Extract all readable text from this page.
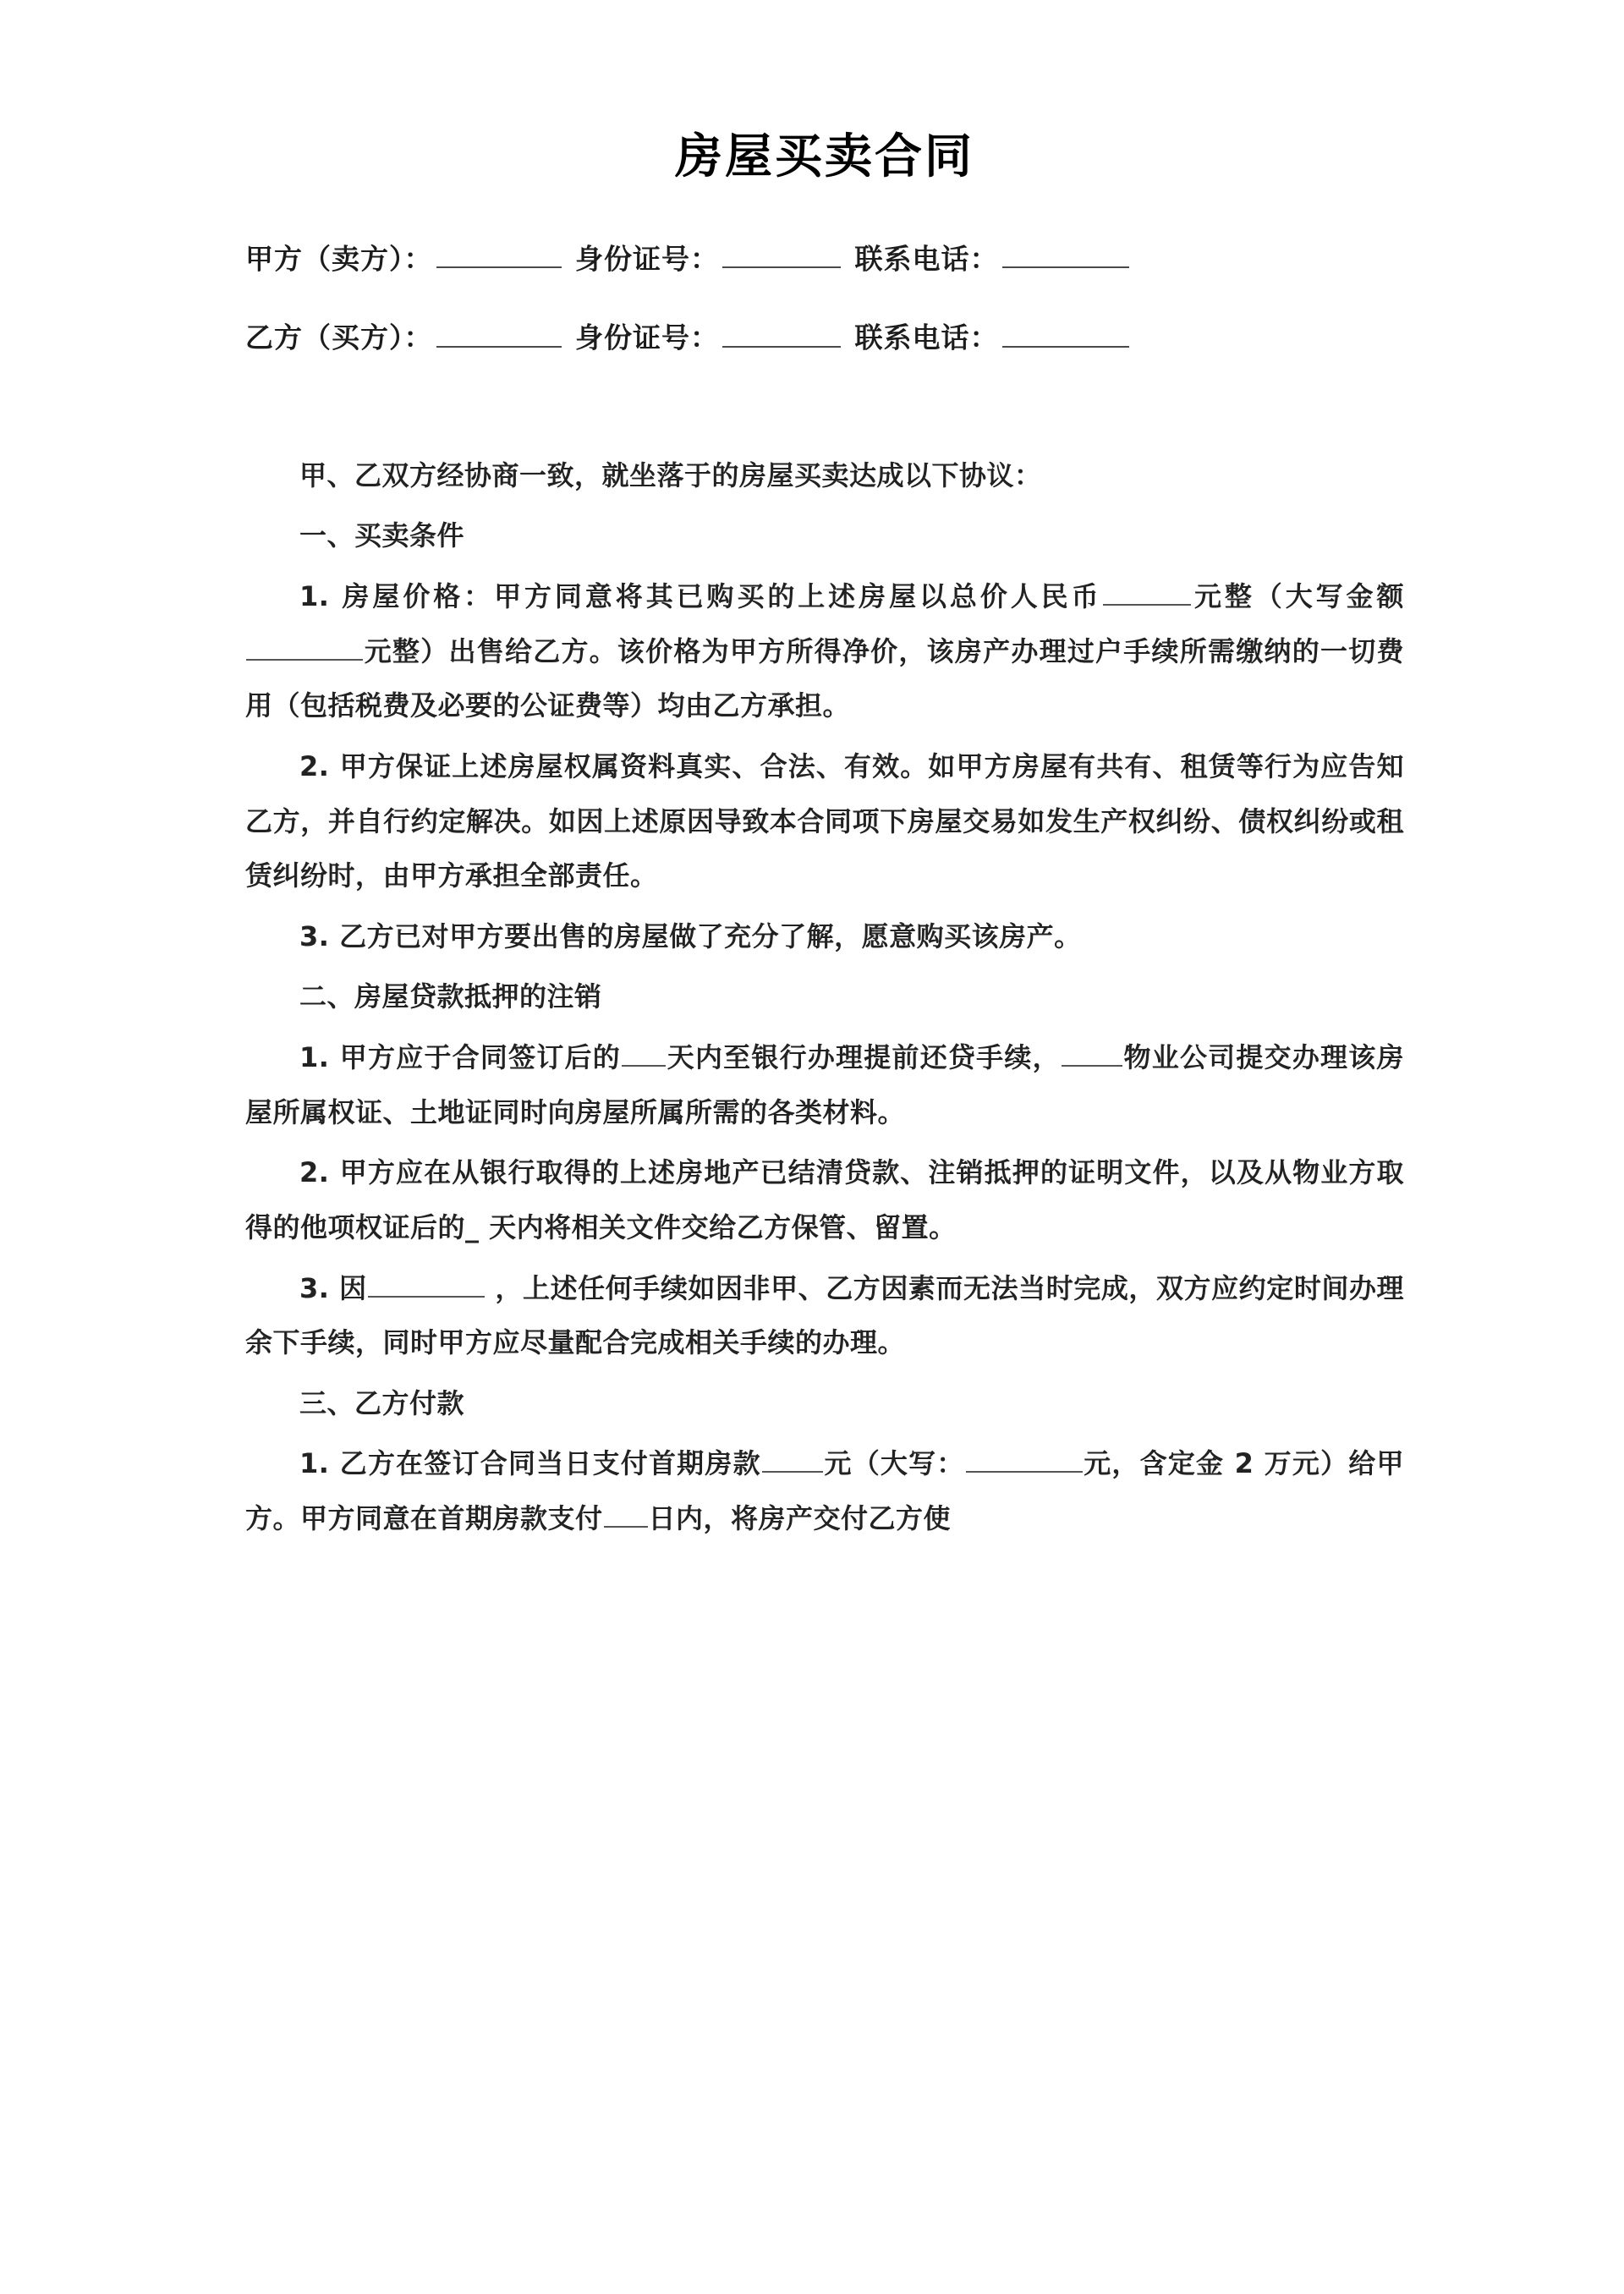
房屋买卖合同
甲方（卖方）：	身份证号：	联系电话：
乙方（买方）：	身份证号：	联系电话：

甲、乙双方经协商一致，就坐落于的房屋买卖达成以下协议：

一、买卖条件

1. 房屋价格：甲方同意将其已购买的上述房屋以总价人民币	元整（大写金额元整）出售给乙方。该价格为甲方所得净价，该房产办理过户手续所需缴纳的一切费用（包括税费及必要的公证费等）均由乙方承担。

2. 甲方保证上述房屋权属资料真实、合法、有效。如甲方房屋有共有、租赁等行为应告知乙方，并自行约定解决。如因上述原因导致本合同项下房屋交易如发生产权纠纷、债权纠纷或租赁纠纷时，由甲方承担全部责任。

3. 乙方已对甲方要出售的房屋做了充分了解，愿意购买该房产。

二、房屋贷款抵押的注销

1. 甲方应于合同签订后的 天内至银行办理提前还贷手续， 物业公司提交办理该房屋所属权证、土地证同时向房屋所属所需的各类材料。

2. 甲方应在从银行取得的上述房地产已结清贷款、注销抵押的证明文件，以及从物业方取得的他项权证后的_ 天内将相关文件交给乙方保管、留置。

3. 因	，上述任何手续如因非甲、乙方因素而无法当时完成，双方应约定时间办理余下手续，同时甲方应尽量配合完成相关手续的办理。

三、乙方付款

1. 乙方在签订合同当日支付首期房款 元（大写：	元，含定金 2 万元）给甲方。甲方同意在首期房款支付 日内，将房产交付乙方使
